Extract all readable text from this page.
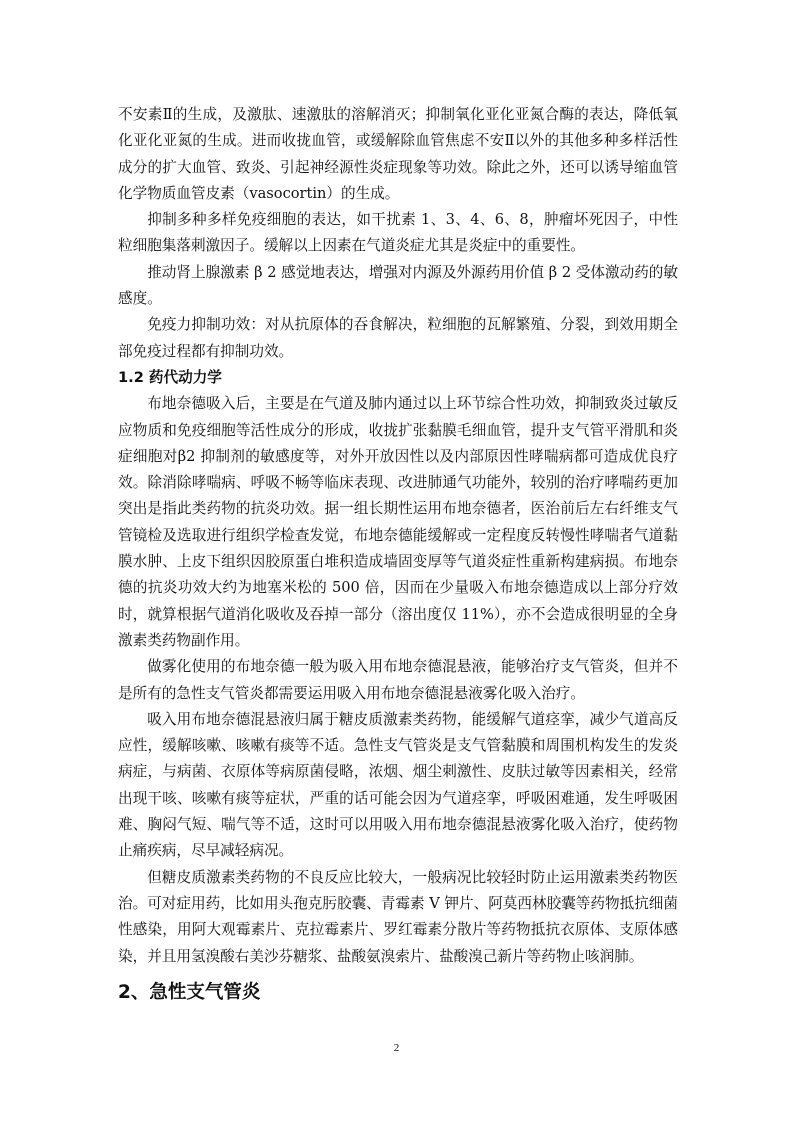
不安素Ⅱ的生成，及激肽、速激肽的溶解消灭；抑制氧化亚化亚氮合酶的表达，降低氧化亚化亚氮的生成。进而收拢血管，或缓解除血管焦虑不安Ⅱ以外的其他多种多样活性成分的扩大血管、致炎、引起神经源性炎症现象等功效。除此之外，还可以诱导缩血管化学物质血管皮素（vasocortin）的生成。

抑制多种多样免疫细胞的表达，如干扰素 1、3、4、6、8，肿瘤坏死因子，中性粒细胞集落刺激因子。缓解以上因素在气道炎症尤其是炎症中的重要性。

推动肾上腺激素 β 2 感觉地表达，增强对内源及外源药用价值 β 2 受体激动药的敏感度。

免疫力抑制功效：对从抗原体的吞食解决，粒细胞的瓦解繁殖、分裂，到效用期全部免疫过程都有抑制功效。

1.2 药代动力学

布地奈德吸入后，主要是在气道及肺内通过以上环节综合性功效，抑制致炎过敏反应物质和免疫细胞等活性成分的形成，收拢扩张黏膜毛细血管，提升支气管平滑肌和炎症细胞对β2 抑制剂的敏感度等，对外开放因性以及内部原因性哮喘病都可造成优良疗效。除消除哮喘病、呼吸不畅等临床表现、改进肺通气功能外，较别的治疗哮喘药更加突出是指此类药物的抗炎功效。据一组长期性运用布地奈德者，医治前后左右纤维支气管镜检及选取进行组织学检查发觉，布地奈德能缓解或一定程度反转慢性哮喘者气道黏膜水肿、上皮下组织因胶原蛋白堆积造成墙固变厚等气道炎症性重新构建病损。布地奈德的抗炎功效大约为地塞米松的 500 倍，因而在少量吸入布地奈德造成以上部分疗效时，就算根据气道消化吸收及吞掉一部分（溶出度仅 11%），亦不会造成很明显的全身激素类药物副作用。

做雾化使用的布地奈德一般为吸入用布地奈德混悬液，能够治疗支气管炎，但并不是所有的急性支气管炎都需要运用吸入用布地奈德混悬液雾化吸入治疗。

吸入用布地奈德混悬液归属于糖皮质激素类药物，能缓解气道痉挛，减少气道高反应性，缓解咳嗽、咳嗽有痰等不适。急性支气管炎是支气管黏膜和周围机构发生的发炎病症，与病菌、衣原体等病原菌侵略，浓烟、烟尘刺激性、皮肤过敏等因素相关，经常出现干咳、咳嗽有痰等症状，严重的话可能会因为气道痉挛，呼吸困难通，发生呼吸困难、胸闷气短、喘气等不适，这时可以用吸入用布地奈德混悬液雾化吸入治疗，使药物止痛疾病，尽早减轻病况。

但糖皮质激素类药物的不良反应比较大，一般病况比较轻时防止运用激素类药物医治。可对症用药，比如用头孢克肟胶囊、青霉素 V 钾片、阿莫西林胶囊等药物抵抗细菌性感染，用阿大观霉素片、克拉霉素片、罗红霉素分散片等药物抵抗衣原体、支原体感染，并且用氢溴酸右美沙芬糖浆、盐酸氨溴索片、盐酸溴己新片等药物止咳润肺。

2、急性支气管炎
2
